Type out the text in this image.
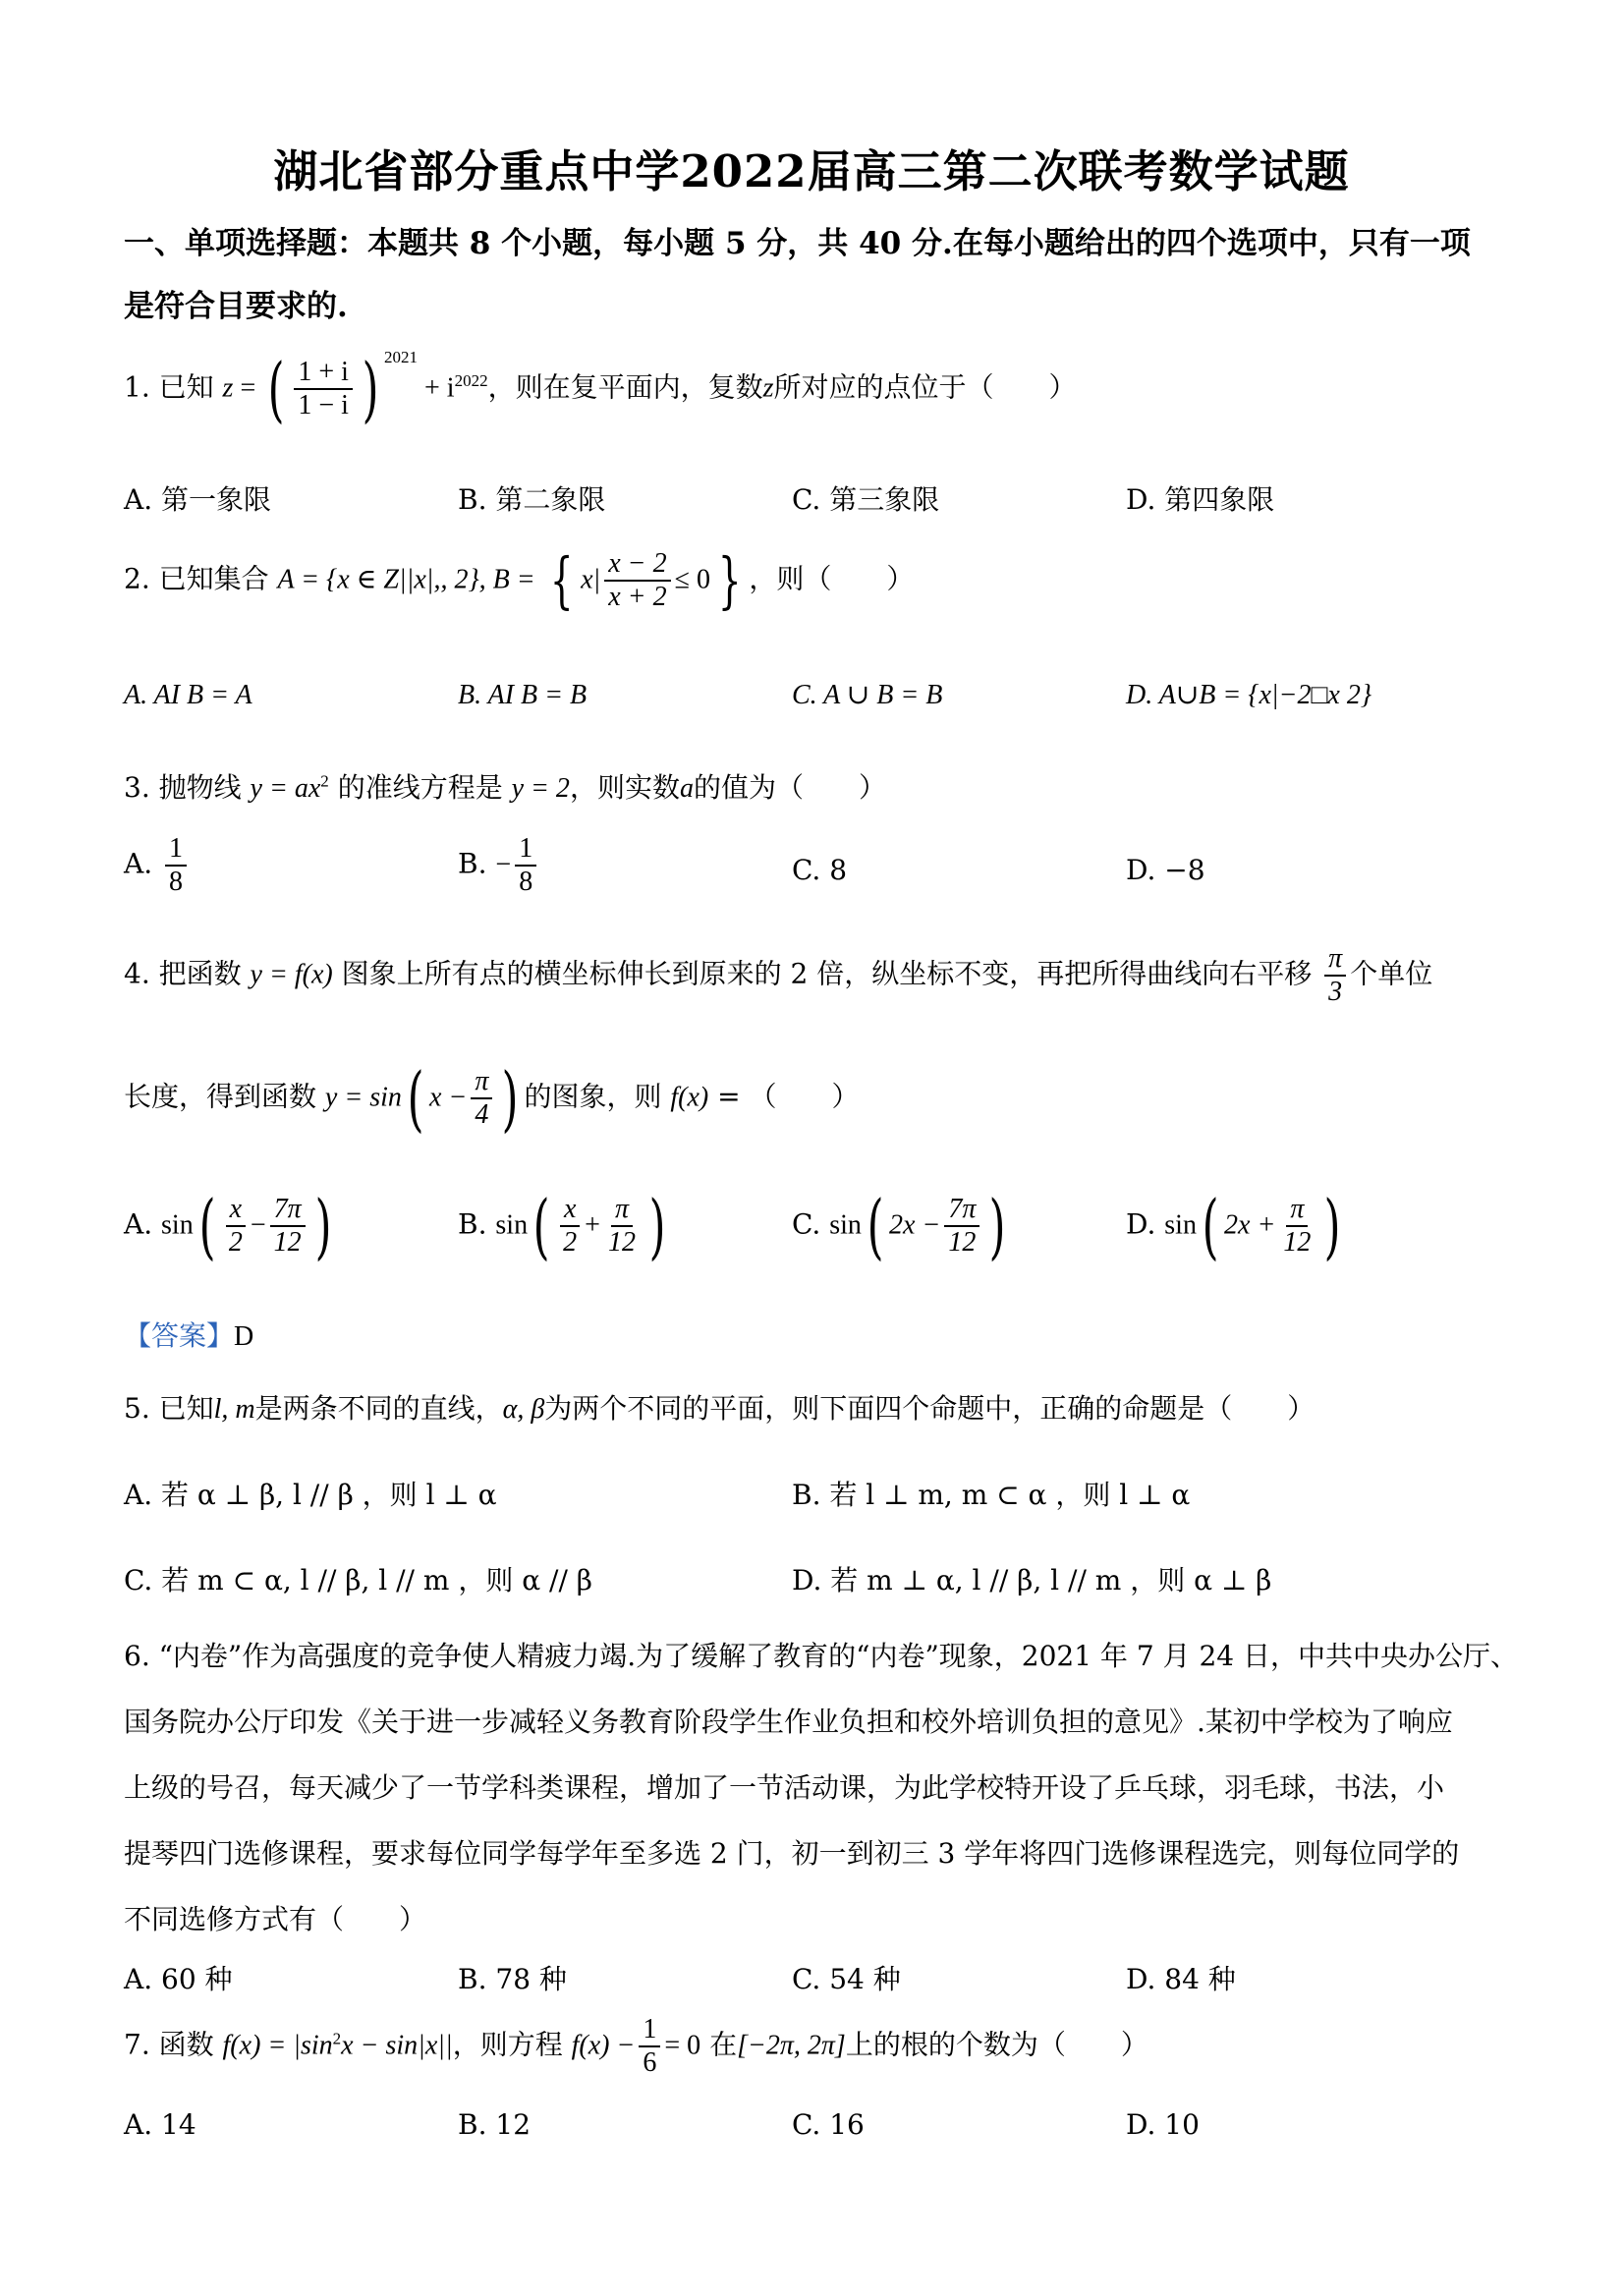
湖北省部分重点中学2022届高三第二次联考数学试题
一、单项选择题：本题共 8 个小题，每小题 5 分，共 40 分.在每小题给出的四个选项中，只有一项
是符合目要求的.
1. 已知 z = ( $\frac{1 + i}{1 - i}$ ) $^{2021} + i^{2022}$，则在复平面内，复数z所对应的点位于（　　）
A. 第一象限	B. 第二象限	C. 第三象限	D. 第四象限
2. 已知集合 A = {x ∈ Z||x|,, 2}, B = { $x| \frac{x - 2}{x + 2} \le 0$ } ，则（　　）
A. AI B = A	B. AI B = B	C. A ∪ B = B	D. A∪B = {x|−2□x 2}
3. 抛物线 $y = ax^2$ 的准线方程是 y = 2，则实数a的值为（　　）
A. $\frac{1}{8}$	B. − $\frac{1}{8}$	C. 8	D. −8
4. 把函数 y = f(x) 图象上所有点的横坐标伸长到原来的 2 倍，纵坐标不变，再把所得曲线向右平移 $\frac{\pi}{3}$ 个单位
长度，得到函数 y = sin( $x - \frac{\pi}{4}$ ) 的图象，则 f(x) = （　　）
A. $\sin( \frac{x}{2} - \frac{7\pi}{12}$ )	B. $\sin( \frac{x}{2} + \frac{\pi}{12}$ )	C. sin( $2x - \frac{7\pi}{12}$ )	D. sin( $2x + \frac{\pi}{12}$ )
【答案】D
5. 已知l, m是两条不同的直线，α, β为两个不同的平面，则下面四个命题中，正确的命题是（　　）
A. 若 α ⊥ β, l // β ，则 l ⊥ α	B. 若 l ⊥ m, m ⊂ α ，则 l ⊥ α
C. 若 m ⊂ α, l // β, l // m ，则 α // β	D. 若 m ⊥ α, l // β, l // m ，则 α ⊥ β
6. “内卷”作为高强度的竞争使人精疲力竭.为了缓解了教育的“内卷”现象，2021 年 7 月 24 日，中共中央办公厅、
国务院办公厅印发《关于进一步减轻义务教育阶段学生作业负担和校外培训负担的意见》.某初中学校为了响应
上级的号召，每天减少了一节学科类课程，增加了一节活动课，为此学校特开设了乒乓球，羽毛球，书法，小
提琴四门选修课程，要求每位同学每学年至多选 2 门，初一到初三 3 学年将四门选修课程选完，则每位同学的
不同选修方式有（　　）
A. 60 种	B. 78 种	C. 54 种	D. 84 种
7. 函数 $f(x) = |\sin^2x - \sin|x||$，则方程 $f(x) - \frac{1}{6} = 0$ 在[−2π, 2π]上的根的个数为（　　）
A. 14	B. 12	C. 16	D. 10
